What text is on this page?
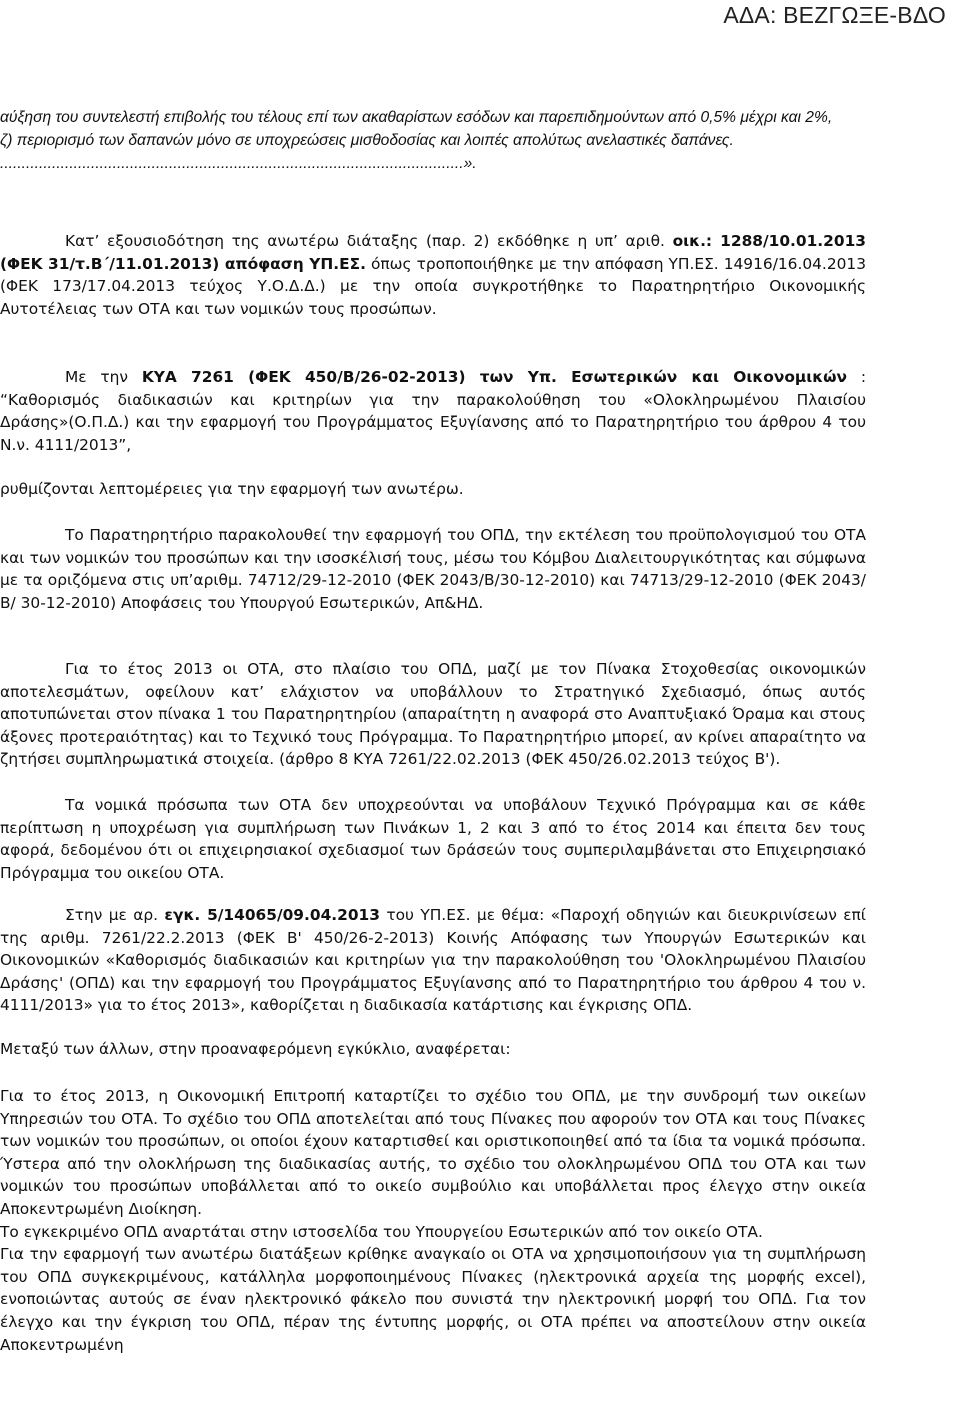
ΑΔΑ: ΒΕΖΓΩΞΕ-ΒΔΟ

αύξηση του συντελεστή επιβολής του τέλους επί των ακαθαρίστων εσόδων και παρεπιδημούντων από 0,5% μέχρι και 2%,

ζ) περιορισμό των δαπανών μόνο σε υποχρεώσεις μισθοδοσίας και λοιπές απολύτως ανελαστικές δαπάνες.

...........................................................................................................».

Κατ’ εξουσιοδότηση της ανωτέρω διάταξης (παρ. 2) εκδόθηκε η υπ’ αριθ. οικ.: 1288/10.01.2013 (ΦΕΚ 31/τ.Β΄/11.01.2013) απόφαση ΥΠ.ΕΣ. όπως τροποποιήθηκε με την απόφαση ΥΠ.ΕΣ. 14916/16.04.2013 (ΦΕΚ 173/17.04.2013 τεύχος Υ.Ο.Δ.Δ.) με την οποία συγκροτήθηκε το Παρατηρητήριο Οικονομικής Αυτοτέλειας των ΟΤΑ και των νομικών τους προσώπων.

Με την ΚΥΑ 7261 (ΦΕΚ 450/Β/26-02-2013) των Υπ. Εσωτερικών και Οικονομικών : “Καθορισμός διαδικασιών και κριτηρίων για την παρακολούθηση του «Ολοκληρωμένου Πλαισίου Δράσης»(Ο.Π.Δ.) και την εφαρμογή του Προγράμματος Εξυγίανσης από το Παρατηρητήριο του άρθρου 4 του Ν.ν. 4111/2013”,

ρυθμίζονται λεπτομέρειες για την εφαρμογή των ανωτέρω.

Το Παρατηρητήριο παρακολουθεί την εφαρμογή του ΟΠΔ, την εκτέλεση του προϋπολογισμού του ΟΤΑ και των νομικών του προσώπων και την ισοσκέλισή τους, μέσω του Κόμβου Διαλειτουργικότητας και σύμφωνα με τα οριζόμενα στις υπ’αριθμ. 74712/29-12-2010 (ΦΕΚ 2043/Β/30-12-2010) και 74713/29-12-2010 (ΦΕΚ 2043/Β/ 30-12-2010) Αποφάσεις του Υπουργού Εσωτερικών, Απ&ΗΔ.

Για το έτος 2013 οι ΟΤΑ, στο πλαίσιο του ΟΠΔ, μαζί με τον Πίνακα Στοχοθεσίας οικονομικών αποτελεσμάτων, οφείλουν κατ’ ελάχιστον να υποβάλλουν το Στρατηγικό Σχεδιασμό, όπως αυτός αποτυπώνεται στον πίνακα 1 του Παρατηρητηρίου (απαραίτητη η αναφορά στο Αναπτυξιακό Όραμα και στους άξονες προτεραιότητας) και το Τεχνικό τους Πρόγραμμα. Το Παρατηρητήριο μπορεί, αν κρίνει απαραίτητο να ζητήσει συμπληρωματικά στοιχεία. (άρθρο 8 ΚΥΑ 7261/22.02.2013 (ΦΕΚ 450/26.02.2013 τεύχος Β').

Τα νομικά πρόσωπα των ΟΤΑ δεν υποχρεούνται να υποβάλουν Τεχνικό Πρόγραμμα και σε κάθε περίπτωση η υποχρέωση για συμπλήρωση των Πινάκων 1, 2 και 3 από το έτος 2014 και έπειτα δεν τους αφορά, δεδομένου ότι οι επιχειρησιακοί σχεδιασμοί των δράσεών τους συμπεριλαμβάνεται στο Επιχειρησιακό Πρόγραμμα του οικείου ΟΤΑ.

Στην με αρ. εγκ. 5/14065/09.04.2013 του ΥΠ.ΕΣ. με θέμα: «Παροχή οδηγιών και διευκρινίσεων επί της αριθμ. 7261/22.2.2013 (ΦΕΚ Β' 450/26-2-2013) Κοινής Απόφασης των Υπουργών Εσωτερικών και Οικονομικών «Καθορισμός διαδικασιών και κριτηρίων για την παρακολούθηση του 'Ολοκληρωμένου Πλαισίου Δράσης' (ΟΠΔ) και την εφαρμογή του Προγράμματος Εξυγίανσης από το Παρατηρητήριο του άρθρου 4 του ν. 4111/2013» για το έτος 2013», καθορίζεται η διαδικασία κατάρτισης και έγκρισης ΟΠΔ.

Μεταξύ των άλλων, στην προαναφερόμενη εγκύκλιο, αναφέρεται:

Για το έτος 2013, η Οικονομική Επιτροπή καταρτίζει το σχέδιο του ΟΠΔ, με την συνδρομή των οικείων Υπηρεσιών του ΟΤΑ. Το σχέδιο του ΟΠΔ αποτελείται από τους Πίνακες που αφορούν τον ΟΤΑ και τους Πίνακες των νομικών του προσώπων, οι οποίοι έχουν καταρτισθεί και οριστικοποιηθεί από τα ίδια τα νομικά πρόσωπα. Ύστερα από την ολοκλήρωση της διαδικασίας αυτής, το σχέδιο του ολοκληρωμένου ΟΠΔ του ΟΤΑ και των νομικών του προσώπων υποβάλλεται από το οικείο συμβούλιο και υποβάλλεται προς έλεγχο στην οικεία Αποκεντρωμένη Διοίκηση.

Το εγκεκριμένο ΟΠΔ αναρτάται στην ιστοσελίδα του Υπουργείου Εσωτερικών από τον οικείο ΟΤΑ.

Για την εφαρμογή των ανωτέρω διατάξεων κρίθηκε αναγκαίο οι ΟΤΑ να χρησιμοποιήσουν για τη συμπλήρωση του ΟΠΔ συγκεκριμένους, κατάλληλα μορφοποιημένους Πίνακες (ηλεκτρονικά αρχεία της μορφής excel), ενοποιώντας αυτούς σε έναν ηλεκτρονικό φάκελο που συνιστά την ηλεκτρονική μορφή του ΟΠΔ. Για τον έλεγχο και την έγκριση του ΟΠΔ, πέραν της έντυπης μορφής, οι ΟΤΑ πρέπει να αποστείλουν στην οικεία Αποκεντρωμένη
